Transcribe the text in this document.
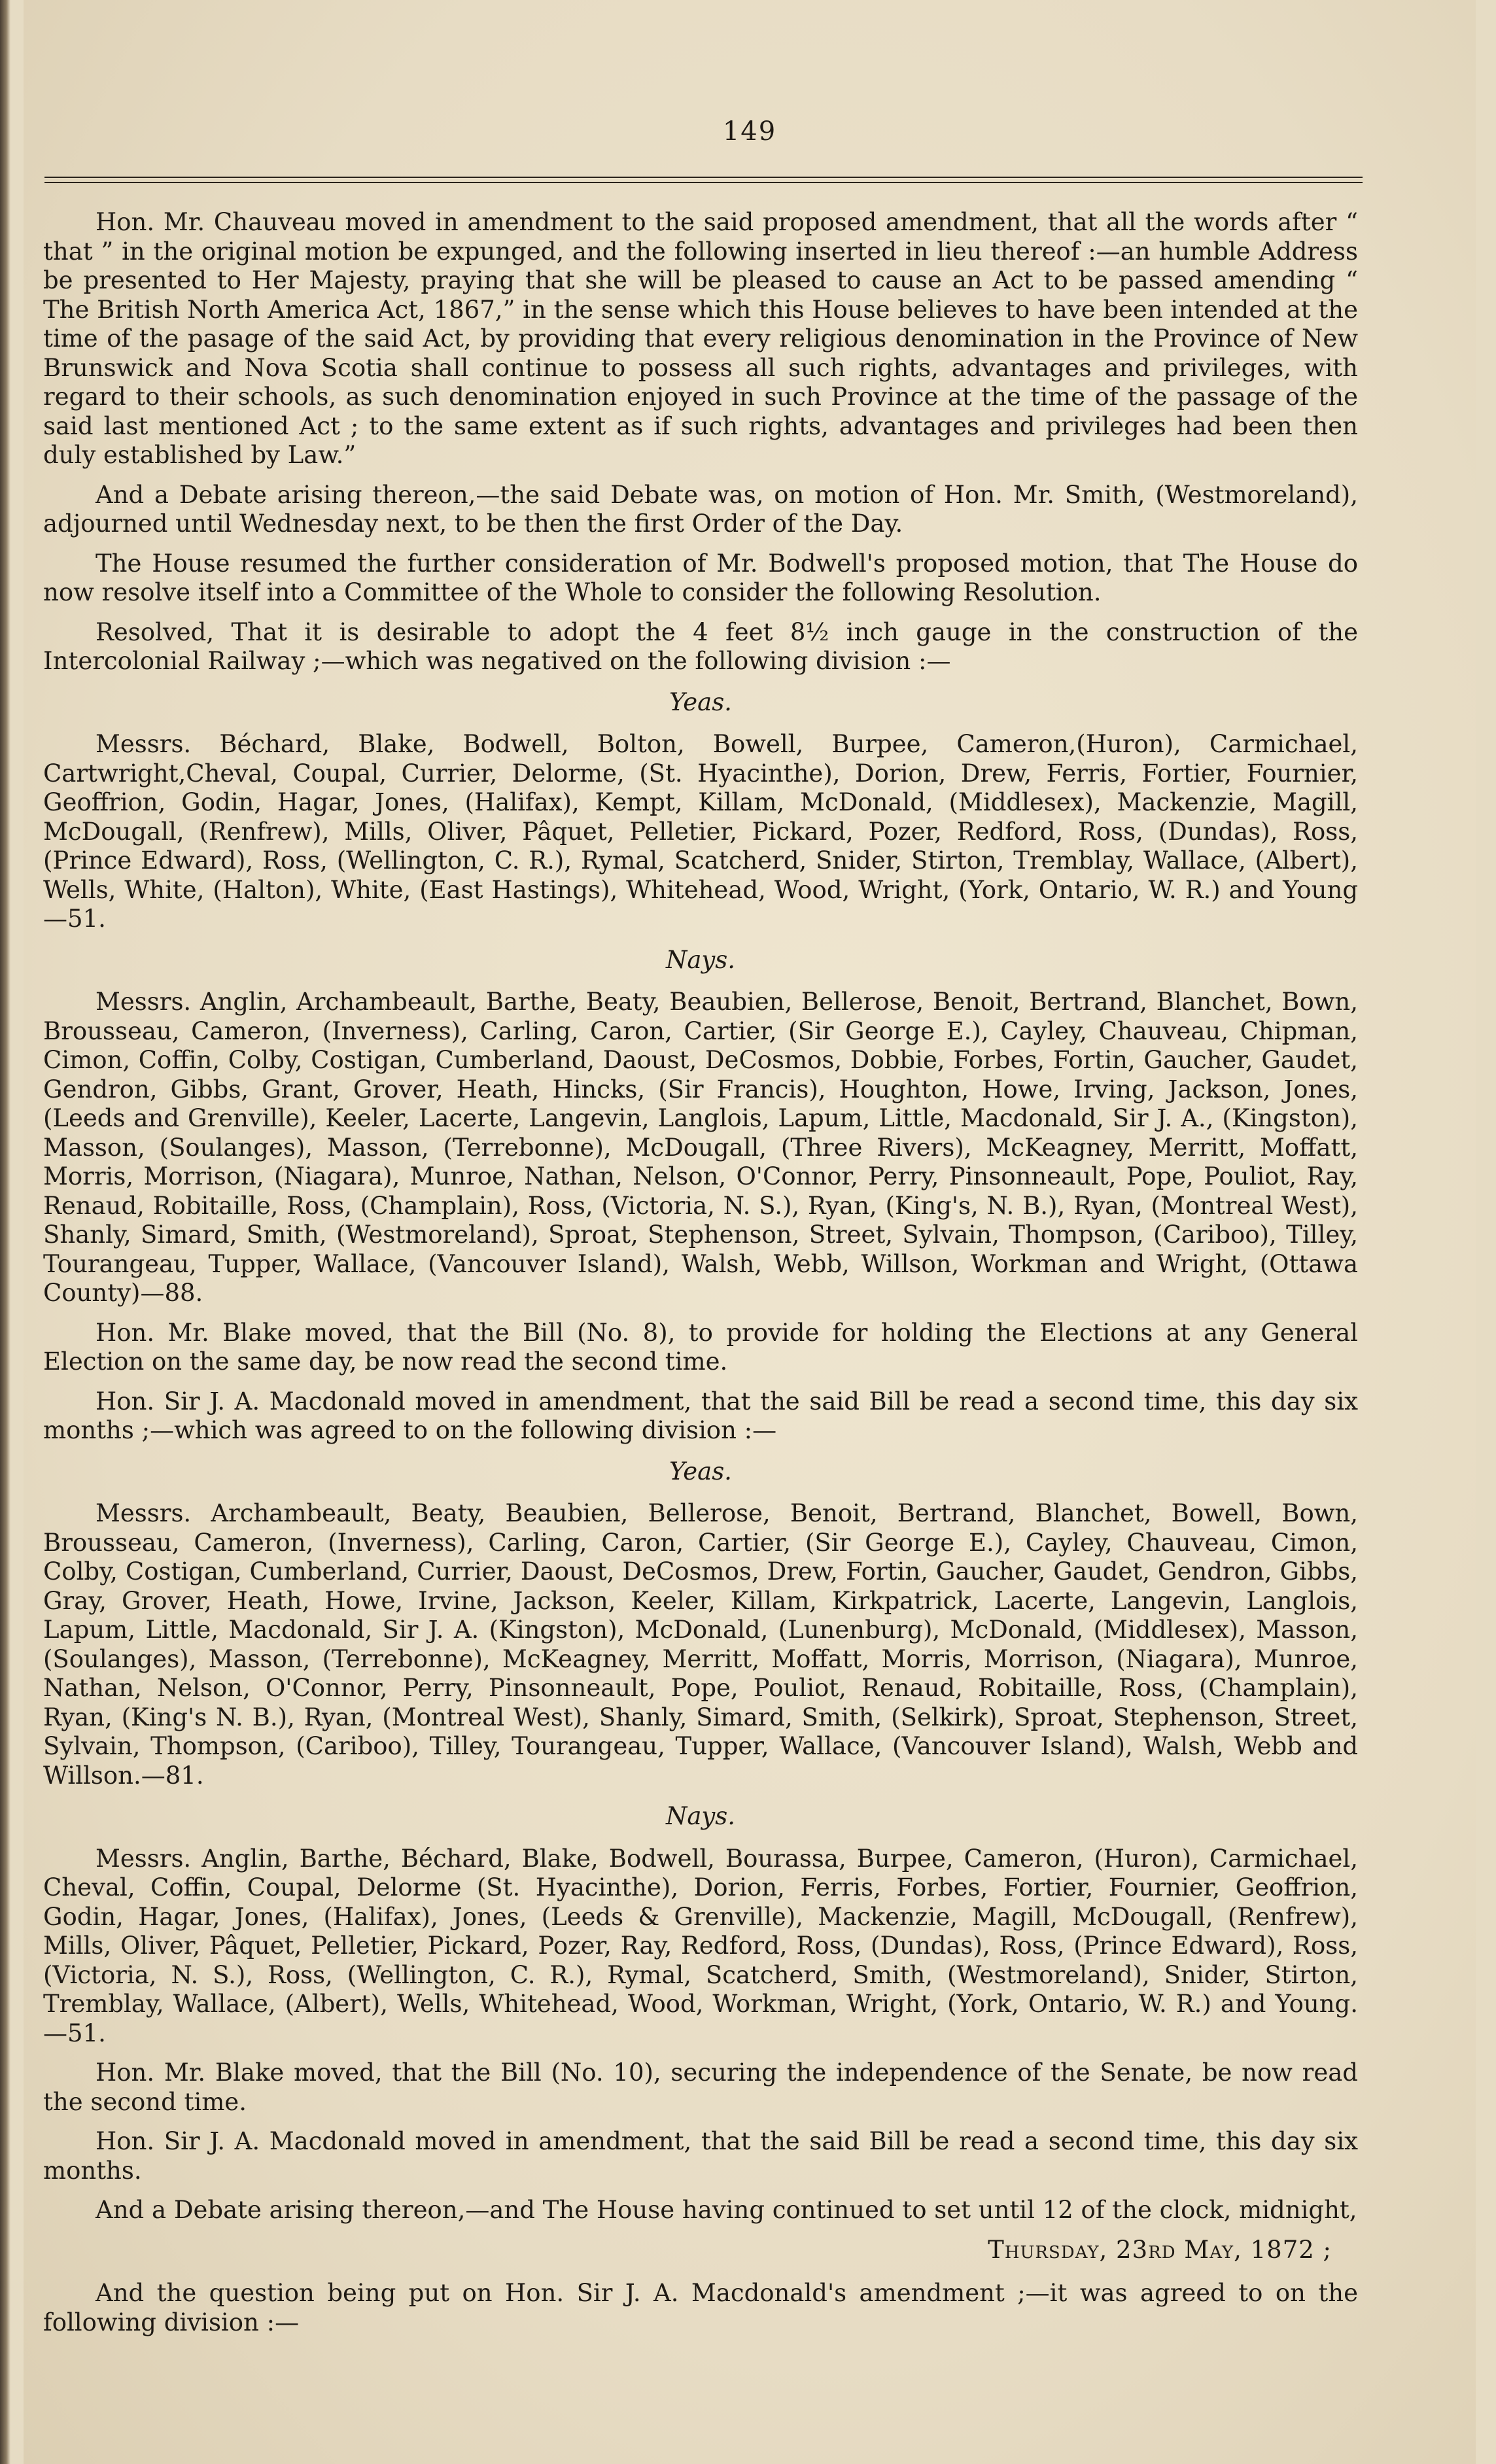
149

Hon. Mr. Chauveau moved in amendment to the said proposed amendment, that all the words after “ that ” in the original motion be expunged, and the following inserted in lieu thereof :—an humble Address be presented to Her Majesty, praying that she will be pleased to cause an Act to be passed amending “ The British North America Act, 1867,” in the sense which this House believes to have been intended at the time of the pasage of the said Act, by providing that every religious denomination in the Province of New Brunswick and Nova Scotia shall continue to possess all such rights, advantages and privileges, with regard to their schools, as such denomination enjoyed in such Province at the time of the passage of the said last mentioned Act ; to the same extent as if such rights, advantages and privileges had been then duly established by Law.”

And a Debate arising thereon,—the said Debate was, on motion of Hon. Mr. Smith, (Westmoreland), adjourned until Wednesday next, to be then the first Order of the Day.

The House resumed the further consideration of Mr. Bodwell's proposed motion, that The House do now resolve itself into a Committee of the Whole to consider the following Resolution.

Resolved, That it is desirable to adopt the 4 feet 8½ inch gauge in the construction of the Intercolonial Railway ;—which was negatived on the following division :—

Yeas.

Messrs. Béchard, Blake, Bodwell, Bolton, Bowell, Burpee, Cameron,(Huron), Carmichael, Cartwright,Cheval, Coupal, Currier, Delorme, (St. Hyacinthe), Dorion, Drew, Ferris, Fortier, Fournier, Geoffrion, Godin, Hagar, Jones, (Halifax), Kempt, Killam, McDonald, (Middlesex), Mackenzie, Magill, McDougall, (Renfrew), Mills, Oliver, Pâquet, Pelletier, Pickard, Pozer, Redford, Ross, (Dundas), Ross, (Prince Edward), Ross, (Wellington, C. R.), Rymal, Scatcherd, Snider, Stirton, Tremblay, Wallace, (Albert), Wells, White, (Halton), White, (East Hastings), Whitehead, Wood, Wright, (York, Ontario, W. R.) and Young—51.

Nays.

Messrs. Anglin, Archambeault, Barthe, Beaty, Beaubien, Bellerose, Benoit, Bertrand, Blanchet, Bown, Brousseau, Cameron, (Inverness), Carling, Caron, Cartier, (Sir George E.), Cayley, Chauveau, Chipman, Cimon, Coffin, Colby, Costigan, Cumberland, Daoust, DeCosmos, Dobbie, Forbes, Fortin, Gaucher, Gaudet, Gendron, Gibbs, Grant, Grover, Heath, Hincks, (Sir Francis), Houghton, Howe, Irving, Jackson, Jones, (Leeds and Grenville), Keeler, Lacerte, Langevin, Langlois, Lapum, Little, Macdonald, Sir J. A., (Kingston), Masson, (Soulanges), Masson, (Terrebonne), McDougall, (Three Rivers), McKeagney, Merritt, Moffatt, Morris, Morrison, (Niagara), Munroe, Nathan, Nelson, O'Connor, Perry, Pinsonneault, Pope, Pouliot, Ray, Renaud, Robitaille, Ross, (Champlain), Ross, (Victoria, N. S.), Ryan, (King's, N. B.), Ryan, (Montreal West), Shanly, Simard, Smith, (Westmoreland), Sproat, Stephenson, Street, Sylvain, Thompson, (Cariboo), Tilley, Tourangeau, Tupper, Wallace, (Vancouver Island), Walsh, Webb, Willson, Workman and Wright, (Ottawa County)—88.

Hon. Mr. Blake moved, that the Bill (No. 8), to provide for holding the Elections at any General Election on the same day, be now read the second time.

Hon. Sir J. A. Macdonald moved in amendment, that the said Bill be read a second time, this day six months ;—which was agreed to on the following division :—

Yeas.

Messrs. Archambeault, Beaty, Beaubien, Bellerose, Benoit, Bertrand, Blanchet, Bowell, Bown, Brousseau, Cameron, (Inverness), Carling, Caron, Cartier, (Sir George E.), Cayley, Chauveau, Cimon, Colby, Costigan, Cumberland, Currier, Daoust, DeCosmos, Drew, Fortin, Gaucher, Gaudet, Gendron, Gibbs, Gray, Grover, Heath, Howe, Irvine, Jackson, Keeler, Killam, Kirkpatrick, Lacerte, Langevin, Langlois, Lapum, Little, Macdonald, Sir J. A. (Kingston), McDonald, (Lunenburg), McDonald, (Middlesex), Masson, (Soulanges), Masson, (Terrebonne), McKeagney, Merritt, Moffatt, Morris, Morrison, (Niagara), Munroe, Nathan, Nelson, O'Connor, Perry, Pinsonneault, Pope, Pouliot, Renaud, Robitaille, Ross, (Champlain), Ryan, (King's N. B.), Ryan, (Montreal West), Shanly, Simard, Smith, (Selkirk), Sproat, Stephenson, Street, Sylvain, Thompson, (Cariboo), Tilley, Tourangeau, Tupper, Wallace, (Vancouver Island), Walsh, Webb and Willson.—81.

Nays.

Messrs. Anglin, Barthe, Béchard, Blake, Bodwell, Bourassa, Burpee, Cameron, (Huron), Carmichael, Cheval, Coffin, Coupal, Delorme (St. Hyacinthe), Dorion, Ferris, Forbes, Fortier, Fournier, Geoffrion, Godin, Hagar, Jones, (Halifax), Jones, (Leeds & Grenville), Mackenzie, Magill, McDougall, (Renfrew), Mills, Oliver, Pâquet, Pelletier, Pickard, Pozer, Ray, Redford, Ross, (Dundas), Ross, (Prince Edward), Ross, (Victoria, N. S.), Ross, (Wellington, C. R.), Rymal, Scatcherd, Smith, (Westmoreland), Snider, Stirton, Tremblay, Wallace, (Albert), Wells, Whitehead, Wood, Workman, Wright, (York, Ontario, W. R.) and Young.—51.

Hon. Mr. Blake moved, that the Bill (No. 10), securing the independence of the Senate, be now read the second time.

Hon. Sir J. A. Macdonald moved in amendment, that the said Bill be read a second time, this day six months.

And a Debate arising thereon,—and The House having continued to set until 12 of the clock, midnight,

Thursday, 23rd May, 1872 ;

And the question being put on Hon. Sir J. A. Macdonald's amendment ;—it was agreed to on the following division :—
